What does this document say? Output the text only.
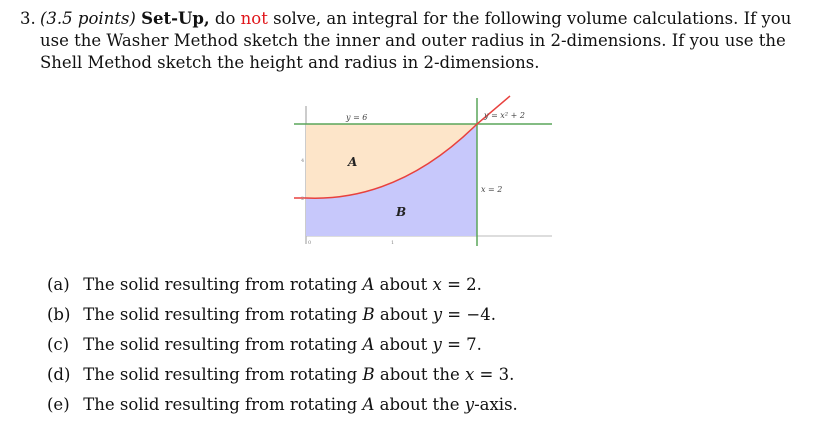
3. (3.5 points) Set-Up, do not solve, an integral for the following volume calculations. If you use the Washer Method sketch the inner and outer radius in 2-dimensions. If you use the Shell Method sketch the height and radius in 2-dimensions.
y = 6	y = x² + 2
x = 2
A
B
0	1
4
2
(a) The solid resulting from rotating A about x = 2.
(b) The solid resulting from rotating B about y = −4.
(c) The solid resulting from rotating A about y = 7.
(d) The solid resulting from rotating B about the x = 3.
(e) The solid resulting from rotating A about the y-axis.
